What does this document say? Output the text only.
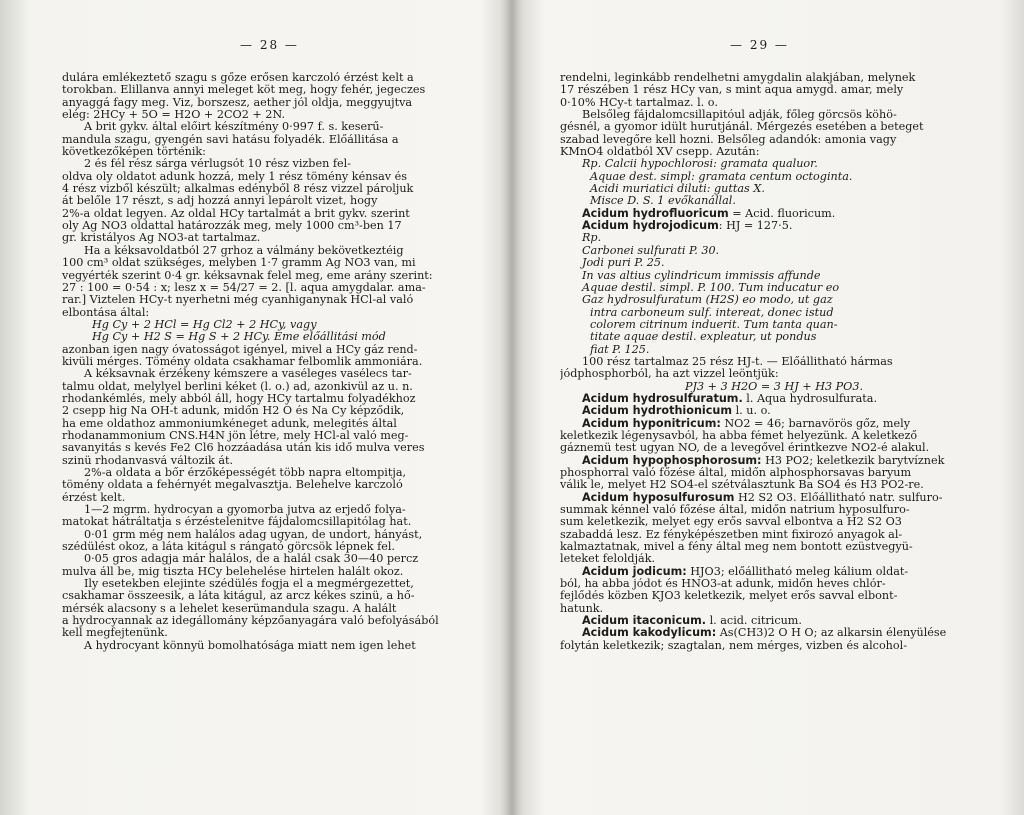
— 28 —
dulára emlékeztető szagu s gőze erősen karczoló érzést kelt a
torokban. Elillanva annyi meleget köt meg, hogy fehér, jegeczes
anyaggá fagy meg. Viz, borszesz, aether jól oldja, meggyujtva
elég: 2HCy + 5O = H2O + 2CO2 + 2N.
A brit gykv. által előirt készítmény 0·997 f. s. keserű-
mandula szagu, gyengén savi hatásu folyadék. Előállitása a
következőképen történik:
2 és fél rész sárga vérlugsót 10 rész vizben fel-
oldva oly oldatot adunk hozzá, mely 1 rész tömény kénsav és
4 rész vizből készült; alkalmas edényből 8 rész vizzel pároljuk
át belőle 17 részt, s adj hozzá annyi lepárolt vizet, hogy
2%-a oldat legyen. Az oldal HCy tartalmát a brit gykv. szerint
oly Ag NO3 oldattal határozzák meg, mely 1000 cm³-ben 17
gr. kristályos Ag NO3-at tartalmaz.
Ha a kéksavoldatból 27 grhoz a válmány bekövetkeztéig
100 cm³ oldat szükséges, melyben 1·7 gramm Ag NO3 van, mi
vegyérték szerint 0·4 gr. kéksavnak felel meg, eme arány szerint:
27 : 100 = 0·54 : x; lesz x = 54/27 = 2. [l. aqua amygdalar. ama-
rar.] Viztelen HCy-t nyerhetni még cyanhiganynak HCl-al való
elbontása által:
Hg Cy + 2 HCl = Hg Cl2 + 2 HCy, vagy
Hg Cy + H2 S = Hg S + 2 HCy. Eme előállitási mód
azonban igen nagy óvatosságot igényel, mivel a HCy gáz rend-
kivüli mérges. Tömény oldata csakhamar felbomlik ammoniára.
A kéksavnak érzékeny kémszere a vaséleges vasélecs tar-
talmu oldat, melylyel berlini kéket (l. o.) ad, azonkivül az u. n.
rhodankémlés, mely abból áll, hogy HCy tartalmu folyadékhoz
2 csepp hig Na OH-t adunk, midőn H2 O és Na Cy képződik,
ha eme oldathoz ammoniumkéneget adunk, melegités által
rhodanammonium CNS.H4N jön létre, mely HCl-al való meg-
savanyitás s kevés Fe2 Cl6 hozzáadása után kis idő mulva veres
szinü rhodanvasvá változik át.
2%-a oldata a bőr érzőképességét több napra eltompitja,
tömény oldata a fehérnyét megalvasztja. Belehelve karczoló
érzést kelt.
1—2 mgrm. hydrocyan a gyomorba jutva az erjedő folya-
matokat hátráltatja s érzéstelenitve fájdalomcsillapitólag hat.
0·01 grm még nem halálos adag ugyan, de undort, hányást,
szédülést okoz, a láta kitágul s rángató görcsök lépnek fel.
0·05 gros adagja már halálos, de a halál csak 30—40 percz
mulva áll be, mig tiszta HCy belehelése hirtelen halált okoz.
Ily esetekben elejinte szédülés fogja el a megmérgezettet,
csakhamar összeesik, a láta kitágul, az arcz kékes szinü, a hő-
mérsék alacsony s a lehelet keserümandula szagu. A halált
a hydrocyannak az idegállomány képzőanyagára való befolyásából
kell megfejtenünk.
A hydrocyant könnyü bomolhatósága miatt nem igen lehet
— 29 —
rendelni, leginkább rendelhetni amygdalin alakjában, melynek
17 részében 1 rész HCy van, s mint aqua amygd. amar, mely
0·10% HCy-t tartalmaz. l. o.
Belsőleg fájdalomcsillapitóul adják, főleg görcsös köhö-
gésnél, a gyomor idült hurutjánál. Mérgezés esetében a beteget
szabad levegőre kell hozni. Belsőleg adandók: amonia vagy
KMnO4 oldatból XV csepp. Azután:
Rp. Calcii hypochlorosi: gramata qualuor.
Aquae dest. simpl: gramata centum octoginta.
Acidi muriatici diluti: guttas X.
Misce D. S. 1 evőkanállal.
Acidum hydrofluoricum = Acid. fluoricum.
Acidum hydrojodicum: HJ = 127·5.
Rp.
Carbonei sulfurati P. 30.
Jodi puri P. 25.
In vas altius cylindricum immissis affunde
Aquae destil. simpl. P. 100. Tum inducatur eo
Gaz hydrosulfuratum (H2S) eo modo, ut gaz
intra carboneum sulf. intereat, donec istud
colorem citrinum induerit. Tum tanta quan-
titate aquae destil. expleatur, ut pondus
fiat P. 125.
100 rész tartalmaz 25 rész HJ-t. — Előállitható hármas
jódphosphorból, ha azt vizzel leöntjük:
PJ3 + 3 H2O = 3 HJ + H3 PO3.
Acidum hydrosulfuratum. l. Aqua hydrosulfurata.
Acidum hydrothionicum l. u. o.
Acidum hyponitricum: NO2 = 46; barnavörös gőz, mely
keletkezik légenysavból, ha abba fémet helyezünk. A keletkező
gáznemü test ugyan NO, de a levegővel érintkezve NO2-é alakul.
Acidum hypophosphorosum: H3 PO2; keletkezik barytvíznek
phosphorral való főzése által, midőn alphosphorsavas baryum
válik le, melyet H2 SO4-el szétválasztunk Ba SO4 és H3 PO2-re.
Acidum hyposulfurosum H2 S2 O3. Előállitható natr. sulfuro-
summak kénnel való főzése által, midőn natrium hyposulfuro-
sum keletkezik, melyet egy erős savval elbontva a H2 S2 O3
szabaddá lesz. Ez fényképészetben mint fixirozó anyagok al-
kalmaztatnak, mivel a fény által meg nem bontott ezüstvegyü-
leteket feloldják.
Acidum jodicum: HJO3; előállitható meleg kálium oldat-
ból, ha abba jódot és HNO3-at adunk, midőn heves chlór-
fejlődés közben KJO3 keletkezik, melyet erős savval elbont-
hatunk.
Acidum itaconicum. l. acid. citricum.
Acidum kakodylicum: As(CH3)2 O H O; az alkarsin élenyülése
folytán keletkezik; szagtalan, nem mérges, vizben és alcohol-
